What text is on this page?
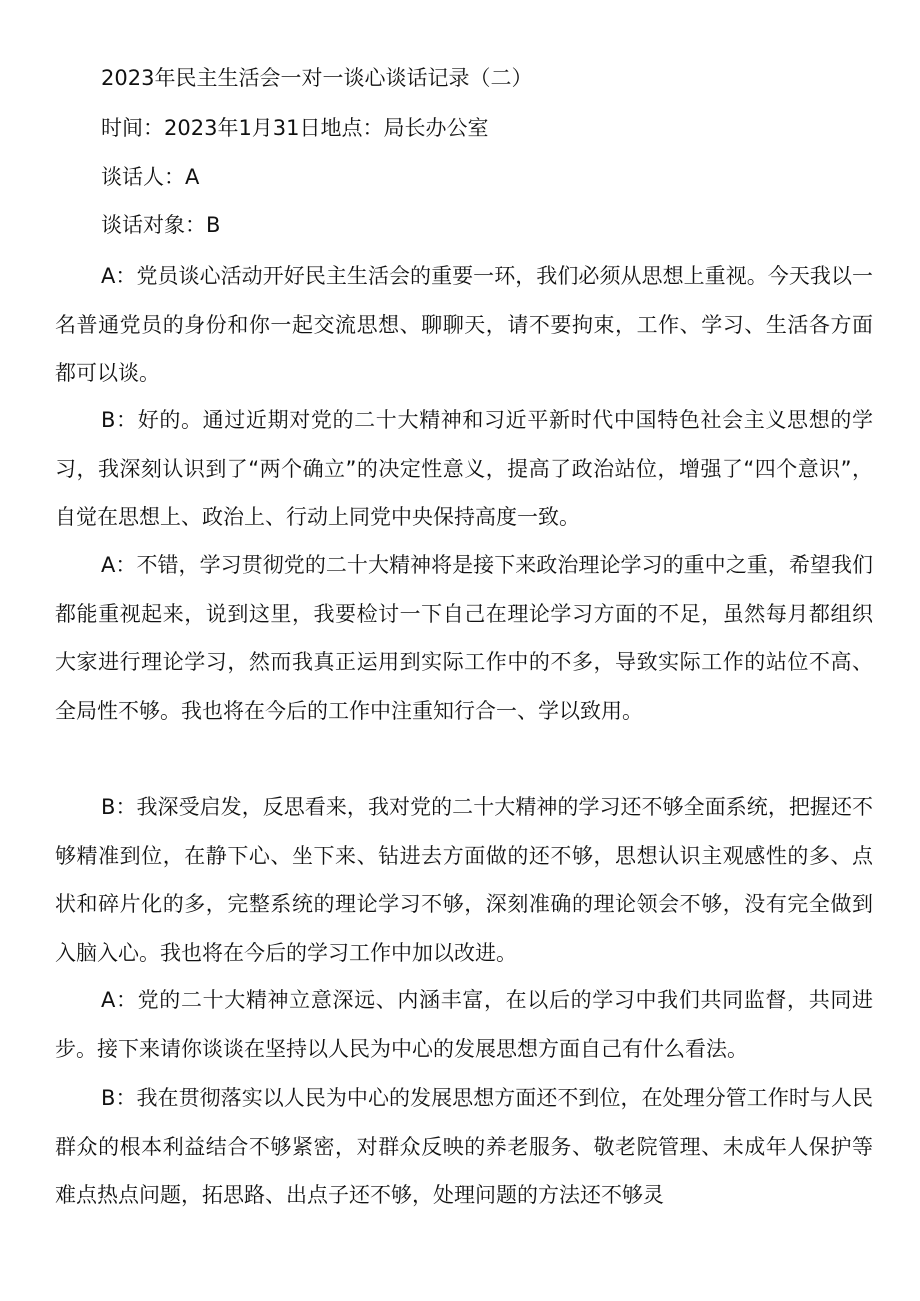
2023年民主生活会一对一谈心谈话记录（二）
时间：2023年1月31日地点：局长办公室
谈话人：A
谈话对象：B
A：党员谈心活动开好民主生活会的重要一环，我们必须从思想上重视。今天我以一名普通党员的身份和你一起交流思想、聊聊天，请不要拘束，工作、学习、生活各方面都可以谈。
B：好的。通过近期对党的二十大精神和习近平新时代中国特色社会主义思想的学习，我深刻认识到了“两个确立”的决定性意义，提高了政治站位，增强了“四个意识”，自觉在思想上、政治上、行动上同党中央保持高度一致。
A：不错，学习贯彻党的二十大精神将是接下来政治理论学习的重中之重，希望我们都能重视起来，说到这里，我要检讨一下自己在理论学习方面的不足，虽然每月都组织大家进行理论学习，然而我真正运用到实际工作中的不多，导致实际工作的站位不高、全局性不够。我也将在今后的工作中注重知行合一、学以致用。
B：我深受启发，反思看来，我对党的二十大精神的学习还不够全面系统，把握还不够精准到位，在静下心、坐下来、钻进去方面做的还不够，思想认识主观感性的多、点状和碎片化的多，完整系统的理论学习不够，深刻准确的理论领会不够，没有完全做到入脑入心。我也将在今后的学习工作中加以改进。
A：党的二十大精神立意深远、内涵丰富，在以后的学习中我们共同监督，共同进步。接下来请你谈谈在坚持以人民为中心的发展思想方面自己有什么看法。
B：我在贯彻落实以人民为中心的发展思想方面还不到位，在处理分管工作时与人民群众的根本利益结合不够紧密，对群众反映的养老服务、敬老院管理、未成年人保护等难点热点问题，拓思路、出点子还不够，处理问题的方法还不够灵
